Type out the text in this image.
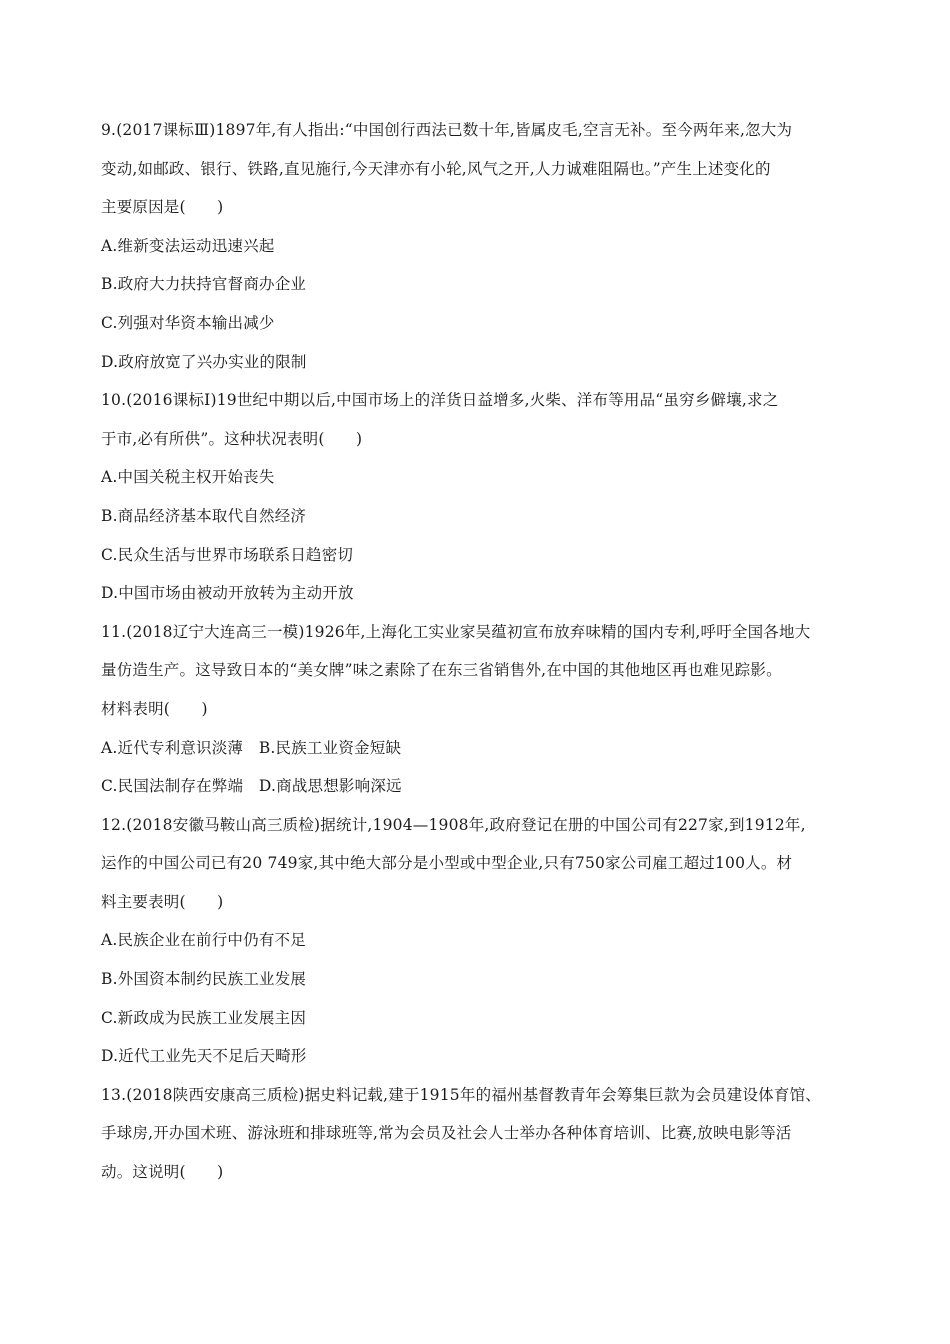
9.(2017课标Ⅲ)1897年,有人指出:“中国创行西法已数十年,皆属皮毛,空言无补。至今两年来,忽大为
变动,如邮政、银行、铁路,直见施行,今天津亦有小轮,风气之开,人力诚难阻隔也。”产生上述变化的
主要原因是(　　)
A.维新变法运动迅速兴起
B.政府大力扶持官督商办企业
C.列强对华资本输出减少
D.政府放宽了兴办实业的限制
10.(2016课标Ⅰ)19世纪中期以后,中国市场上的洋货日益增多,火柴、洋布等用品“虽穷乡僻壤,求之
于市,必有所供”。这种状况表明(　　)
A.中国关税主权开始丧失
B.商品经济基本取代自然经济
C.民众生活与世界市场联系日趋密切
D.中国市场由被动开放转为主动开放
11.(2018辽宁大连高三一模)1926年,上海化工实业家吴蕴初宣布放弃味精的国内专利,呼吁全国各地大
量仿造生产。这导致日本的“美女牌”味之素除了在东三省销售外,在中国的其他地区再也难见踪影。
材料表明(　　)
A.近代专利意识淡薄　B.民族工业资金短缺
C.民国法制存在弊端　D.商战思想影响深远
12.(2018安徽马鞍山高三质检)据统计,1904—1908年,政府登记在册的中国公司有227家,到1912年,
运作的中国公司已有20 749家,其中绝大部分是小型或中型企业,只有750家公司雇工超过100人。材
料主要表明(　　)
A.民族企业在前行中仍有不足
B.外国资本制约民族工业发展
C.新政成为民族工业发展主因
D.近代工业先天不足后天畸形
13.(2018陕西安康高三质检)据史料记载,建于1915年的福州基督教青年会筹集巨款为会员建设体育馆、
手球房,开办国术班、游泳班和排球班等,常为会员及社会人士举办各种体育培训、比赛,放映电影等活
动。这说明(　　)
